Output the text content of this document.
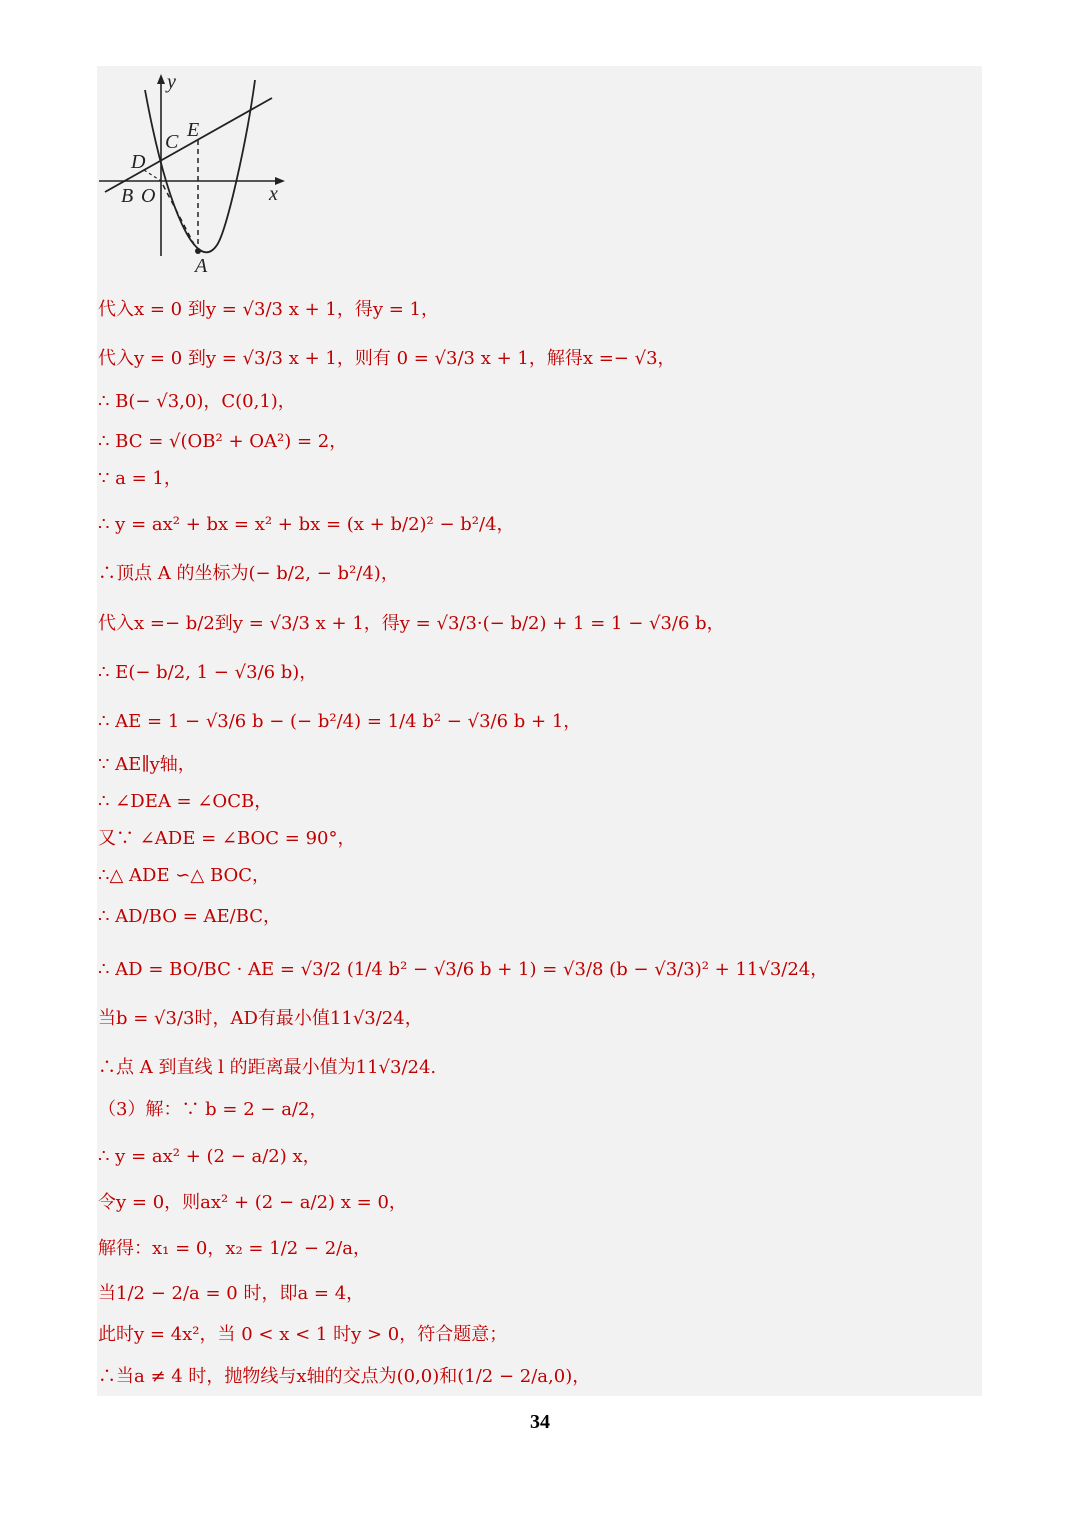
y
x
C
E
D
B O
A
代入x = 0 到y = √3/3 x + 1，得y = 1，
代入y = 0 到y = √3/3 x + 1，则有 0 = √3/3 x + 1，解得x =− √3，
∴ B(− √3,0)，C(0,1)，
∴ BC = √(OB² + OA²) = 2，
∵ a = 1，
∴ y = ax² + bx = x² + bx = (x + b/2)² − b²/4，
∴顶点 A 的坐标为(− b/2, − b²/4)，
代入x =− b/2到y = √3/3 x + 1，得y = √3/3·(− b/2) + 1 = 1 − √3/6 b，
∴ E(− b/2, 1 − √3/6 b)，
∴ AE = 1 − √3/6 b − (− b²/4) = 1/4 b² − √3/6 b + 1，
∵ AE∥y轴，
∴ ∠DEA = ∠OCB，
又∵ ∠ADE = ∠BOC = 90°，
∴△ ADE ∽△ BOC，
∴ AD/BO = AE/BC，
∴ AD = BO/BC · AE = √3/2 (1/4 b² − √3/6 b + 1) = √3/8 (b − √3/3)² + 11√3/24，
当b = √3/3时，AD有最小值11√3/24，
∴点 A 到直线 l 的距离最小值为11√3/24.
（3）解：∵ b = 2 − a/2，
∴ y = ax² + (2 − a/2) x，
令y = 0，则ax² + (2 − a/2) x = 0，
解得：x₁ = 0，x₂ = 1/2 − 2/a，
当1/2 − 2/a = 0 时，即a = 4，
此时y = 4x²，当 0 < x < 1 时y > 0，符合题意；
∴当a ≠ 4 时，抛物线与x轴的交点为(0,0)和(1/2 − 2/a,0)，
34
